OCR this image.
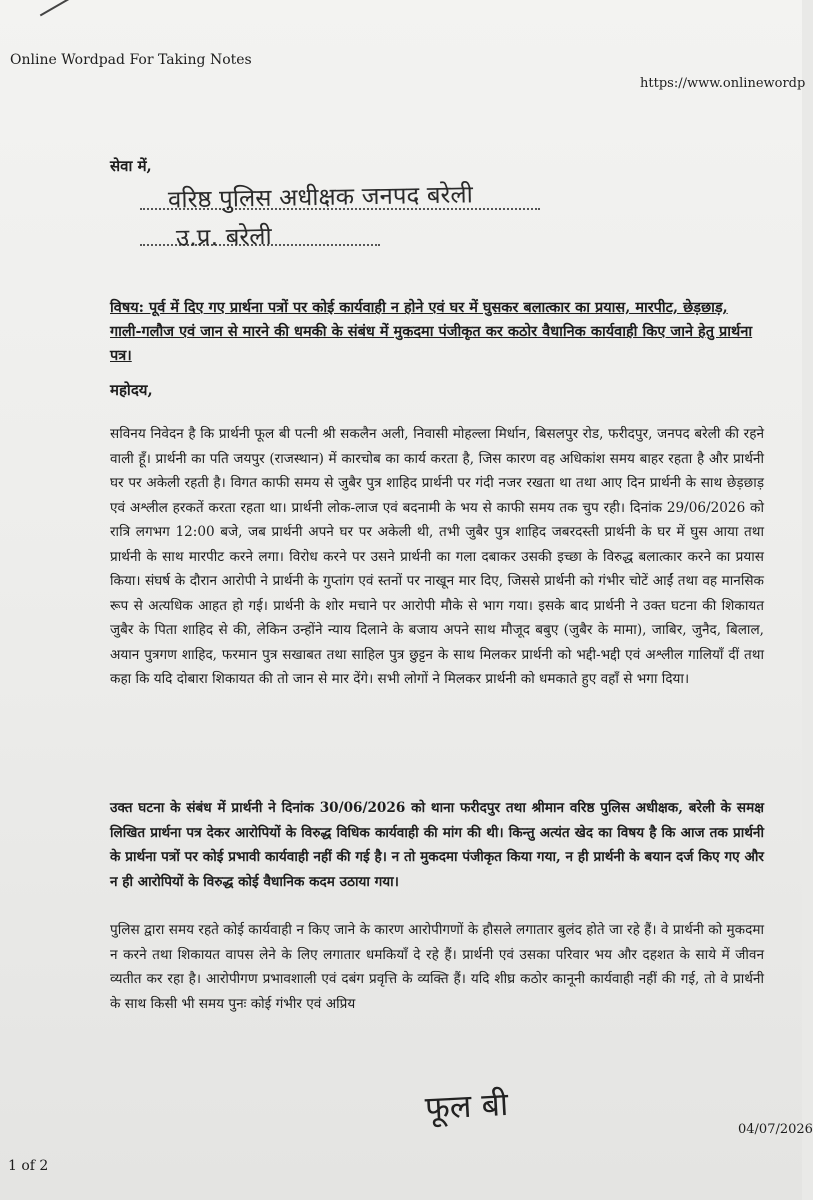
Online Wordpad For Taking Notes
https://www.onlinewordp
सेवा में,
वरिष्ठ पुलिस अधीक्षक जनपद बरेली
उ.प्र. बरेली
विषय: पूर्व में दिए गए प्रार्थना पत्रों पर कोई कार्यवाही न होने एवं घर में घुसकर बलात्कार का प्रयास, मारपीट, छेड़छाड़, गाली-गलौज एवं जान से मारने की धमकी के संबंध में मुकदमा पंजीकृत कर कठोर वैधानिक कार्यवाही किए जाने हेतु प्रार्थना पत्र।
महोदय,
सविनय निवेदन है कि प्रार्थनी फूल बी पत्नी श्री सकलैन अली, निवासी मोहल्ला मिर्धान, बिसलपुर रोड, फरीदपुर, जनपद बरेली की रहने वाली हूँ। प्रार्थनी का पति जयपुर (राजस्थान) में कारचोब का कार्य करता है, जिस कारण वह अधिकांश समय बाहर रहता है और प्रार्थनी घर पर अकेली रहती है। विगत काफी समय से जुबैर पुत्र शाहिद प्रार्थनी पर गंदी नजर रखता था तथा आए दिन प्रार्थनी के साथ छेड़छाड़ एवं अश्लील हरकतें करता रहता था। प्रार्थनी लोक-लाज एवं बदनामी के भय से काफी समय तक चुप रही। दिनांक 29/06/2026 को रात्रि लगभग 12:00 बजे, जब प्रार्थनी अपने घर पर अकेली थी, तभी जुबैर पुत्र शाहिद जबरदस्ती प्रार्थनी के घर में घुस आया तथा प्रार्थनी के साथ मारपीट करने लगा। विरोध करने पर उसने प्रार्थनी का गला दबाकर उसकी इच्छा के विरुद्ध बलात्कार करने का प्रयास किया। संघर्ष के दौरान आरोपी ने प्रार्थनी के गुप्तांग एवं स्तनों पर नाखून मार दिए, जिससे प्रार्थनी को गंभीर चोटें आईं तथा वह मानसिक रूप से अत्यधिक आहत हो गई। प्रार्थनी के शोर मचाने पर आरोपी मौके से भाग गया। इसके बाद प्रार्थनी ने उक्त घटना की शिकायत जुबैर के पिता शाहिद से की, लेकिन उन्होंने न्याय दिलाने के बजाय अपने साथ मौजूद बबुए (जुबैर के मामा), जाबिर, जुनैद, बिलाल, अयान पुत्रगण शाहिद, फरमान पुत्र सखाबत तथा साहिल पुत्र छुट्टन के साथ मिलकर प्रार्थनी को भद्दी-भद्दी एवं अश्लील गालियाँ दीं तथा कहा कि यदि दोबारा शिकायत की तो जान से मार देंगे। सभी लोगों ने मिलकर प्रार्थनी को धमकाते हुए वहाँ से भगा दिया।
उक्त घटना के संबंध में प्रार्थनी ने दिनांक 30/06/2026 को थाना फरीदपुर तथा श्रीमान वरिष्ठ पुलिस अधीक्षक, बरेली के समक्ष लिखित प्रार्थना पत्र देकर आरोपियों के विरुद्ध विधिक कार्यवाही की मांग की थी। किन्तु अत्यंत खेद का विषय है कि आज तक प्रार्थनी के प्रार्थना पत्रों पर कोई प्रभावी कार्यवाही नहीं की गई है। न तो मुकदमा पंजीकृत किया गया, न ही प्रार्थनी के बयान दर्ज किए गए और न ही आरोपियों के विरुद्ध कोई वैधानिक कदम उठाया गया।
पुलिस द्वारा समय रहते कोई कार्यवाही न किए जाने के कारण आरोपीगणों के हौसले लगातार बुलंद होते जा रहे हैं। वे प्रार्थनी को मुकदमा न करने तथा शिकायत वापस लेने के लिए लगातार धमकियाँ दे रहे हैं। प्रार्थनी एवं उसका परिवार भय और दहशत के साये में जीवन व्यतीत कर रहा है। आरोपीगण प्रभावशाली एवं दबंग प्रवृत्ति के व्यक्ति हैं। यदि शीघ्र कठोर कानूनी कार्यवाही नहीं की गई, तो वे प्रार्थनी के साथ किसी भी समय पुनः कोई गंभीर एवं अप्रिय
फूल बी
04/07/2026
1 of 2
